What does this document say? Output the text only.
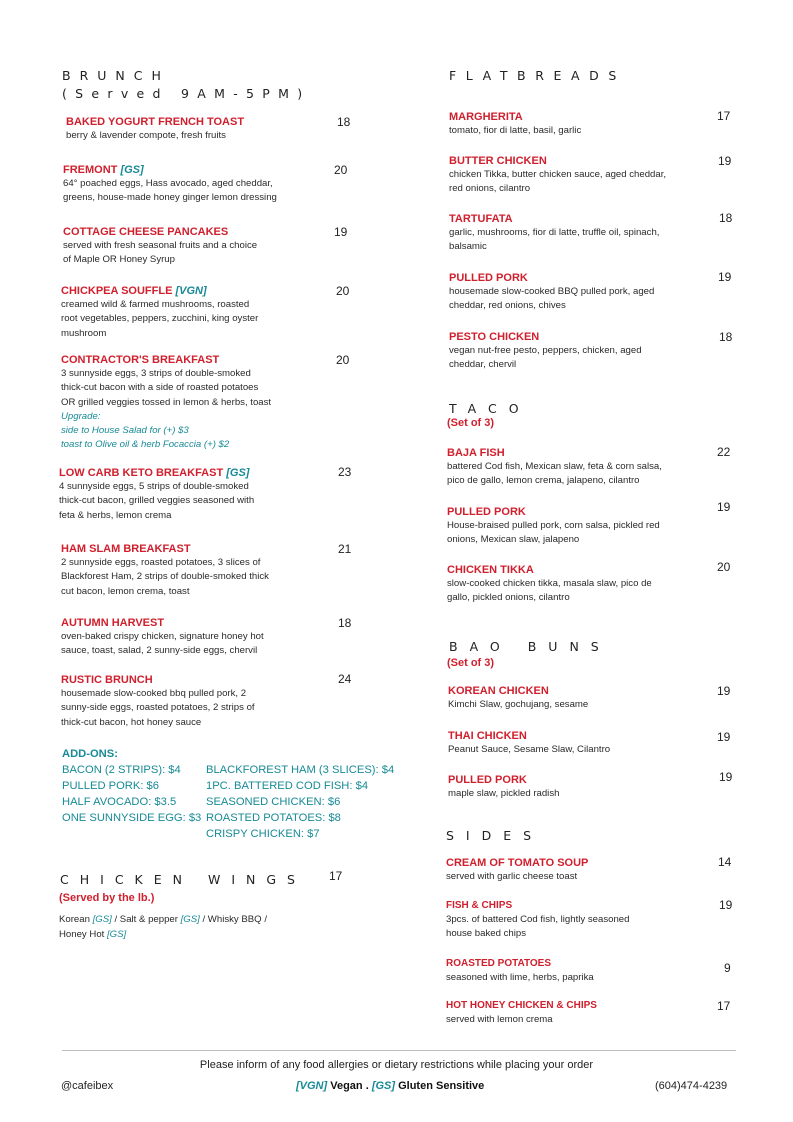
BRUNCH
(Served 9AM-5PM)
BAKED YOGURT FRENCH TOAST
berry & lavender compote, fresh fruits
18
FREMONT [GS]
64° poached eggs, Hass avocado, aged cheddar,
greens, house-made honey ginger lemon dressing
20
COTTAGE CHEESE PANCAKES
served with fresh seasonal fruits and a choice
of Maple OR Honey Syrup
19
CHICKPEA SOUFFLE [VGN]
creamed wild & farmed mushrooms, roasted
root vegetables, peppers, zucchini, king oyster
mushroom
20
CONTRACTOR'S BREAKFAST
3 sunnyside eggs, 3 strips of double-smoked
thick-cut bacon with a side of roasted potatoes
OR grilled veggies tossed in lemon & herbs, toast
Upgrade:
side to House Salad for (+) $3
toast to Olive oil & herb Focaccia (+) $2
20
LOW CARB KETO BREAKFAST [GS]
4 sunnyside eggs, 5 strips of double-smoked
thick-cut bacon, grilled veggies seasoned with
feta & herbs, lemon crema
23
HAM SLAM BREAKFAST
2 sunnyside eggs, roasted potatoes, 3 slices of
Blackforest Ham, 2 strips of double-smoked thick
cut bacon, lemon crema, toast
21
AUTUMN HARVEST
oven-baked crispy chicken, signature honey hot
sauce, toast, salad, 2 sunny-side eggs, chervil
18
RUSTIC BRUNCH
housemade slow-cooked bbq pulled pork, 2
sunny-side eggs, roasted potatoes, 2 strips of
thick-cut bacon, hot honey sauce
24
ADD-ONS:
BACON (2 STRIPS): $4
PULLED PORK: $6
HALF AVOCADO: $3.5
ONE SUNNYSIDE EGG: $3
BLACKFOREST HAM (3 SLICES): $4
1PC. BATTERED COD FISH: $4
SEASONED CHICKEN: $6
ROASTED POTATOES: $8
CRISPY CHICKEN: $7
CHICKEN WINGS 17
(Served by the lb.)
Korean [GS] / Salt & pepper [GS] / Whisky BBQ /
Honey Hot [GS]
FLATBREADS
MARGHERITA
tomato, fior di latte, basil, garlic
17
BUTTER CHICKEN
chicken Tikka, butter chicken sauce, aged cheddar,
red onions, cilantro
19
TARTUFATA
garlic, mushrooms, fior di latte, truffle oil, spinach,
balsamic
18
PULLED PORK
housemade slow-cooked BBQ pulled pork, aged
cheddar, red onions, chives
19
PESTO CHICKEN
vegan nut-free pesto, peppers, chicken, aged
cheddar, chervil
18
TACO
(Set of 3)
BAJA FISH
battered Cod fish, Mexican slaw, feta & corn salsa,
pico de gallo, lemon crema, jalapeno, cilantro
22
PULLED PORK
House-braised pulled pork, corn salsa, pickled red
onions, Mexican slaw, jalapeno
19
CHICKEN TIKKA
slow-cooked chicken tikka, masala slaw, pico de
gallo, pickled onions, cilantro
20
BAO BUNS
(Set of 3)
KOREAN CHICKEN
Kimchi Slaw, gochujang, sesame
19
THAI CHICKEN
Peanut Sauce, Sesame Slaw, Cilantro
19
PULLED PORK
maple slaw, pickled radish
19
SIDES
CREAM OF TOMATO SOUP
served with garlic cheese toast
14
FISH & CHIPS
3pcs. of battered Cod fish, lightly seasoned
house baked chips
19
ROASTED POTATOES
seasoned with lime, herbs, paprika
9
HOT HONEY CHICKEN & CHIPS
served with lemon crema
17
Please inform of any food allergies or dietary restrictions while placing your order
@cafeibex	[VGN] Vegan . [GS] Gluten Sensitive	(604)474-4239
